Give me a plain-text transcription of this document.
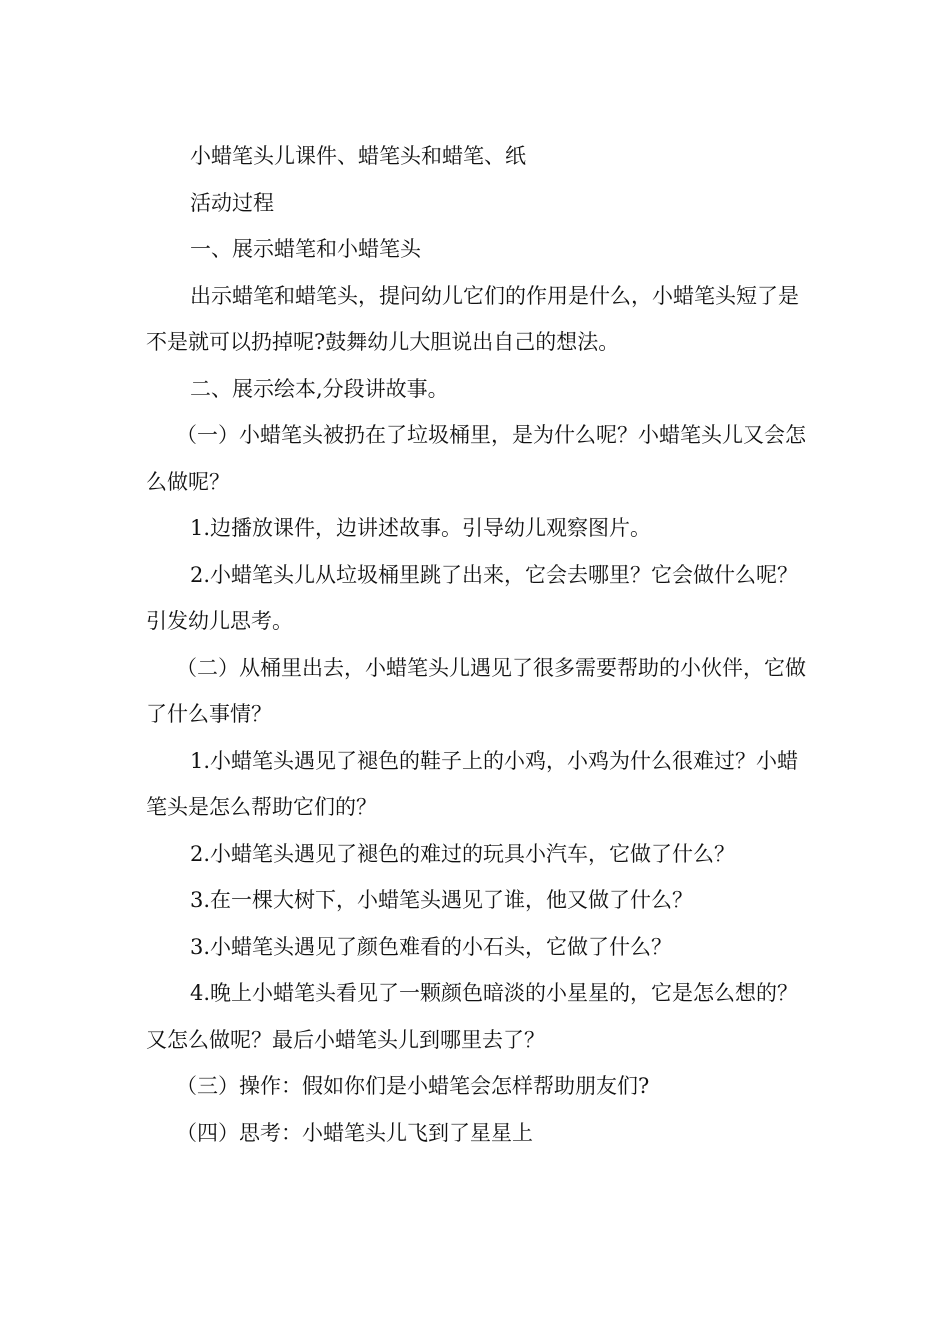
小蜡笔头儿课件、蜡笔头和蜡笔、纸

活动过程

一、展示蜡笔和小蜡笔头

出示蜡笔和蜡笔头，提问幼儿它们的作用是什么，小蜡笔头短了是不是就可以扔掉呢?鼓舞幼儿大胆说出自己的想法。

二、展示绘本,分段讲故事。

（一）小蜡笔头被扔在了垃圾桶里，是为什么呢？小蜡笔头儿又会怎么做呢？

1.边播放课件，边讲述故事。引导幼儿观察图片。

2.小蜡笔头儿从垃圾桶里跳了出来，它会去哪里？它会做什么呢？引发幼儿思考。

（二）从桶里出去，小蜡笔头儿遇见了很多需要帮助的小伙伴，它做了什么事情？

1.小蜡笔头遇见了褪色的鞋子上的小鸡，小鸡为什么很难过？小蜡笔头是怎么帮助它们的？

2.小蜡笔头遇见了褪色的难过的玩具小汽车，它做了什么？

3.在一棵大树下，小蜡笔头遇见了谁，他又做了什么？

3.小蜡笔头遇见了颜色难看的小石头，它做了什么？

4.晚上小蜡笔头看见了一颗颜色暗淡的小星星的，它是怎么想的？又怎么做呢？最后小蜡笔头儿到哪里去了？

（三）操作：假如你们是小蜡笔会怎样帮助朋友们?

（四）思考：小蜡笔头儿飞到了星星上
